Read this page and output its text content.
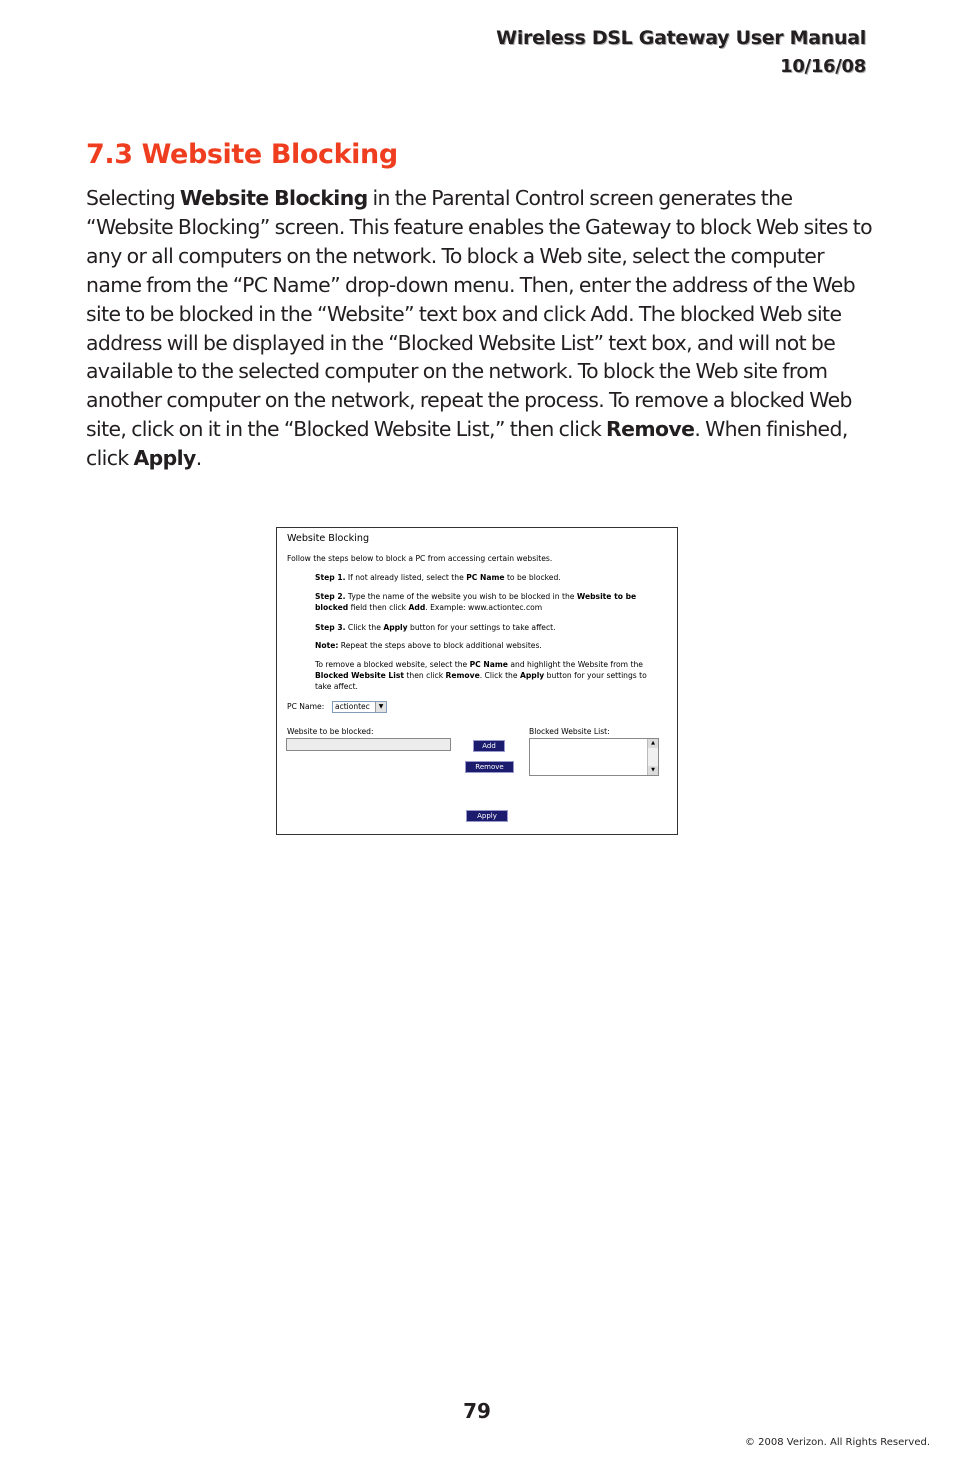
Wireless DSL Gateway User Manual
10/16/08
7.3 Website Blocking
Selecting Website Blocking in the Parental Control screen generates the “Website Blocking” screen. This feature enables the Gateway to block Web sites to any or all computers on the network. To block a Web site, select the computer name from the “PC Name” drop-down menu. Then, enter the address of the Web site to be blocked in the “Website” text box and click Add. The blocked Web site address will be displayed in the “Blocked Website List” text box, and will not be available to the selected computer on the network. To block the Web site from another computer on the network, repeat the process. To remove a blocked Web site, click on it in the “Blocked Website List,” then click Remove. When finished, click Apply.
Website Blocking
Follow the steps below to block a PC from accessing certain websites.
Step 1. If not already listed, select the PC Name to be blocked.
Step 2. Type the name of the website you wish to be blocked in the Website to be blocked field then click Add. Example: www.actiontec.com
Step 3. Click the Apply button for your settings to take affect.
Note: Repeat the steps above to block additional websites.
To remove a blocked website, select the PC Name and highlight the Website from the Blocked Website List then click Remove. Click the Apply button for your settings to take affect.
PC Name:	actiontec	▼
Website to be blocked:
Add
Remove
Blocked Website List:
▲
▼
Apply
79
© 2008 Verizon. All Rights Reserved.
